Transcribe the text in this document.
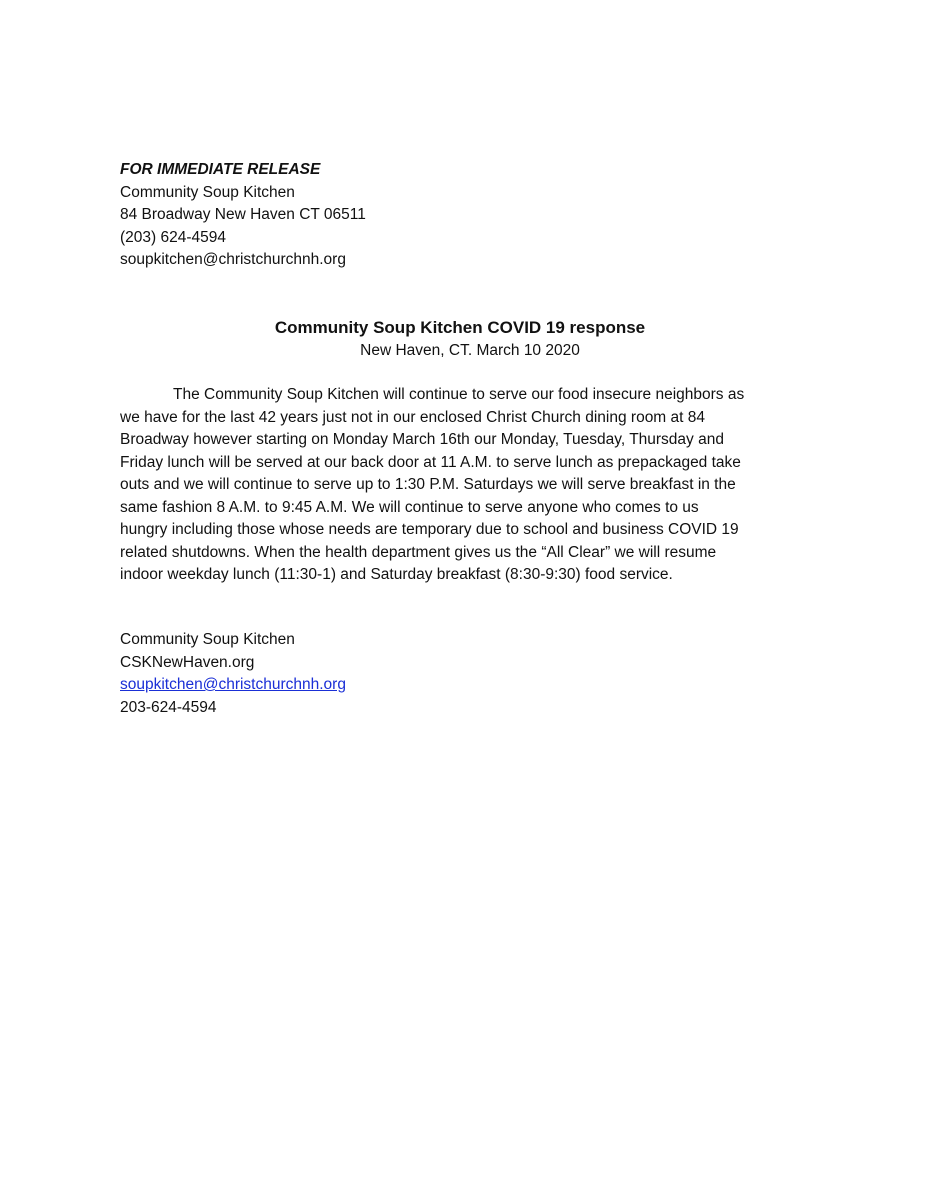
FOR IMMEDIATE RELEASE
Community Soup Kitchen
84 Broadway New Haven CT 06511
(203) 624-4594
soupkitchen@christchurchnh.org

Community Soup Kitchen COVID 19 response

New Haven, CT. March 10 2020

The Community Soup Kitchen will continue to serve our food insecure neighbors as
we have for the last 42 years just not in our enclosed Christ Church dining room at 84
Broadway however starting on Monday March 16th our Monday, Tuesday, Thursday and
Friday lunch will be served at our back door at 11 A.M. to serve lunch as prepackaged take
outs and we will continue to serve up to 1:30 P.M. Saturdays we will serve breakfast in the
same fashion 8 A.M. to 9:45 A.M. We will continue to serve anyone who comes to us
hungry including those whose needs are temporary due to school and business COVID 19
related shutdowns. When the health department gives us the “All Clear” we will resume
indoor weekday lunch (11:30-1) and Saturday breakfast (8:30-9:30) food service.
Community Soup Kitchen
CSKNewHaven.org
soupkitchen@christchurchnh.org
203-624-4594
